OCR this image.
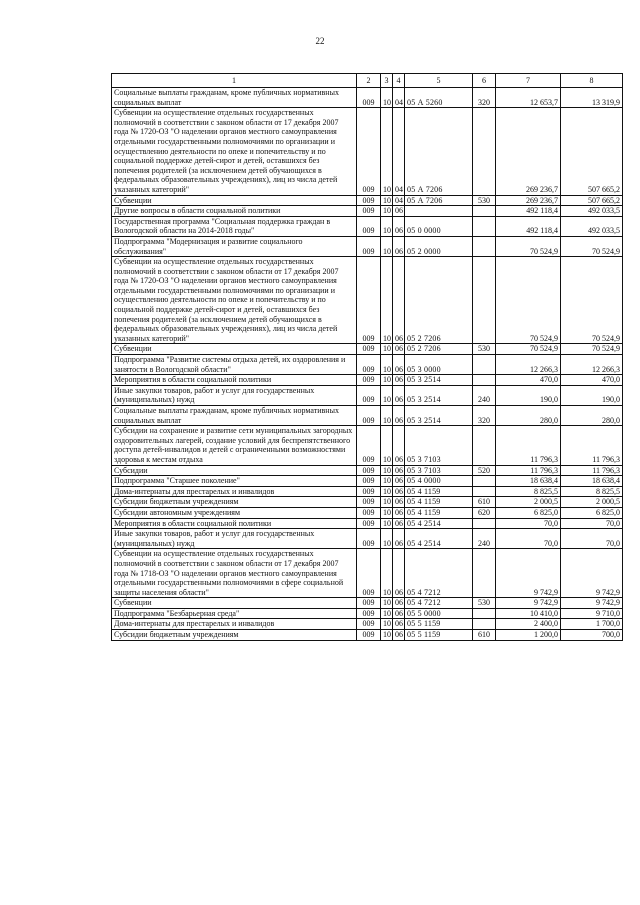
22
1	2	3	4	5	6	7	8
Социальные выплаты гражданам, кроме публичных нормативных социальных выплат	009	10	04	05 А 5260	320	12 653,7	13 319,9
Субвенции на осуществление отдельных государственных полномочий в соответствии с законом области от 17 декабря 2007 года № 1720-ОЗ "О наделении органов местного самоуправления отдельными государственными полномочиями по организации и осуществлению деятельности по опеке и попечительству и по социальной поддержке детей-сирот и детей, оставшихся без попечения родителей (за исключением детей обучающихся в федеральных образовательных учреждениях), лиц из числа детей указанных категорий"	009	10	04	05 А 7206		269 236,7	507 665,2
Субвенции	009	10	04	05 А 7206	530	269 236,7	507 665,2
Другие вопросы в области социальной политики	009	10	06			492 118,4	492 033,5
Государственная программа "Социальная поддержка граждан в Вологодской области на 2014-2018 годы"	009	10	06	05 0 0000		492 118,4	492 033,5
Подпрограмма "Модернизация и развитие социального обслуживания"	009	10	06	05 2 0000		70 524,9	70 524,9
Субвенции на осуществление отдельных государственных полномочий в соответствии с законом области от 17 декабря 2007 года № 1720-ОЗ "О наделении органов местного самоуправления отдельными государственными полномочиями по организации и осуществлению деятельности по опеке и попечительству и по социальной поддержке детей-сирот и детей, оставшихся без попечения родителей (за исключением детей обучающихся в федеральных образовательных учреждениях), лиц из числа детей указанных категорий"	009	10	06	05 2 7206		70 524,9	70 524,9
Субвенции	009	10	06	05 2 7206	530	70 524,9	70 524,9
Подпрограмма "Развитие системы отдыха детей, их оздоровления и занятости в Вологодской области"	009	10	06	05 3 0000		12 266,3	12 266,3
Мероприятия в области социальной политики	009	10	06	05 3 2514		470,0	470,0
Иные закупки товаров, работ и услуг для государственных (муниципальных) нужд	009	10	06	05 3 2514	240	190,0	190,0
Социальные выплаты гражданам, кроме публичных нормативных социальных выплат	009	10	06	05 3 2514	320	280,0	280,0
Субсидии на сохранение и развитие сети муниципальных загородных оздоровительных лагерей, создание условий для беспрепятственного доступа детей-инвалидов и детей с ограниченными возможностями здоровья к местам отдыха	009	10	06	05 3 7103		11 796,3	11 796,3
Субсидии	009	10	06	05 3 7103	520	11 796,3	11 796,3
Подпрограмма "Старшее поколение"	009	10	06	05 4 0000		18 638,4	18 638,4
Дома-интернаты для престарелых и инвалидов	009	10	06	05 4 1159		8 825,5	8 825,5
Субсидии бюджетным учреждениям	009	10	06	05 4 1159	610	2 000,5	2 000,5
Субсидии автономным учреждениям	009	10	06	05 4 1159	620	6 825,0	6 825,0
Мероприятия в области социальной политики	009	10	06	05 4 2514		70,0	70,0
Иные закупки товаров, работ и услуг для государственных (муниципальных) нужд	009	10	06	05 4 2514	240	70,0	70,0
Субвенции на осуществление отдельных государственных полномочий в соответствии с законом области от 17 декабря 2007 года № 1718-ОЗ "О наделении органов местного самоуправления отдельными государственными полномочиями в сфере социальной защиты населения области"	009	10	06	05 4 7212		9 742,9	9 742,9
Субвенции	009	10	06	05 4 7212	530	9 742,9	9 742,9
Подпрограмма "Безбарьерная среда"	009	10	06	05 5 0000		10 410,0	9 710,0
Дома-интернаты для престарелых и инвалидов	009	10	06	05 5 1159		2 400,0	1 700,0
Субсидии бюджетным учреждениям	009	10	06	05 5 1159	610	1 200,0	700,0
